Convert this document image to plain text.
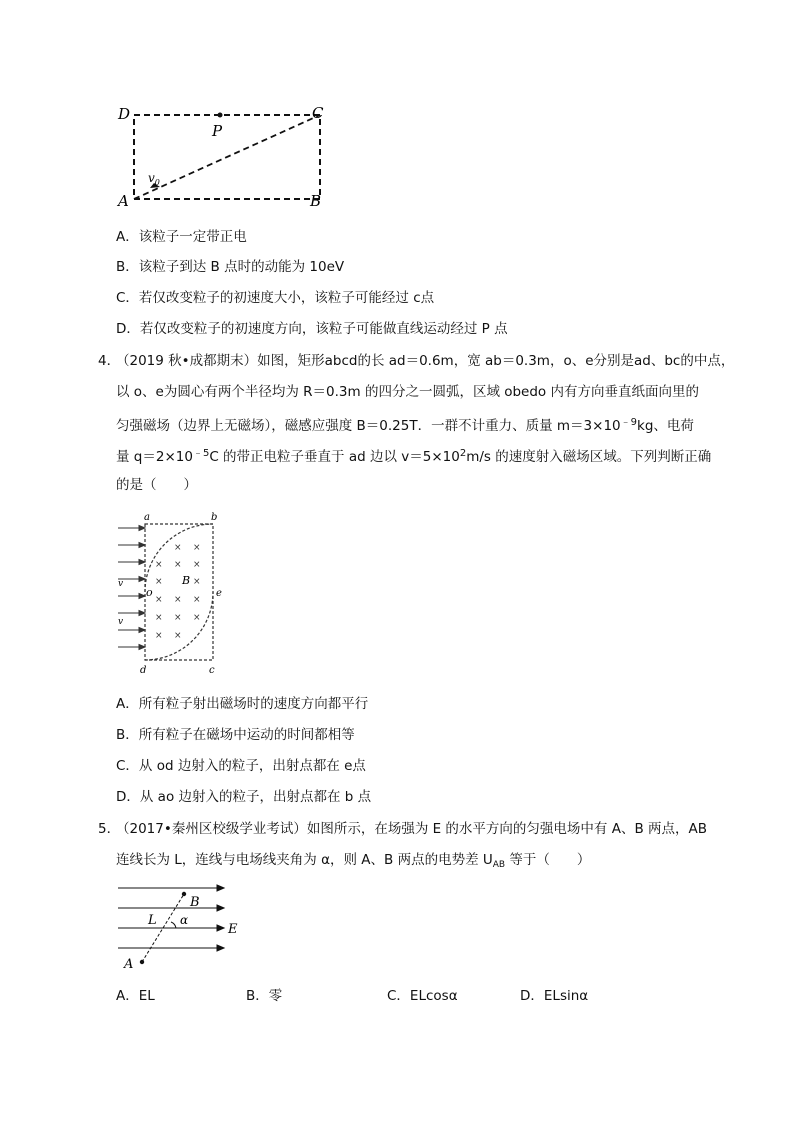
D	C
P
A	B
$v_0$
A．该粒子一定带正电
B．该粒子到达 B 点时的动能为 10eV
C．若仅改变粒子的初速度大小，该粒子可能经过 c点
D．若仅改变粒子的初速度方向，该粒子可能做直线运动经过 P 点
4．
（2019 秋•成都期末）如图，矩形abcd的长 ad＝0.6m，宽 ab＝0.3m，o、e分别是ad、bc的中点，
以 o、e为圆心有两个半径均为 R＝0.3m 的四分之一圆弧，区域 obedo 内有方向垂直纸面向里的
匀强磁场（边界上无磁场），磁感应强度 B＝0.25T．一群不计重力、质量 $m=3\times 10^{﹣9}kg$、电荷
量 $q=2\times 10^{﹣5}C$ 的带正电粒子垂直于 ad 边以 $v=5\times 10^2m/s$ 的速度射入磁场区域。下列判断正确
的是（　　）
× ×
× × ×
×	×
× × ×
× × ×
× ×
a	b
o	e
d	c
B
v
v
A．所有粒子射出磁场时的速度方向都平行
B．所有粒子在磁场中运动的时间都相等
C．从 od 边射入的粒子，出射点都在 e点
D．从 ao 边射入的粒子，出射点都在 b 点
5．
（2017•秦州区校级学业考试）如图所示，在场强为 E 的水平方向的匀强电场中有 A、B 两点，AB
连线长为 L，连线与电场线夹角为 α，则 A、B 两点的电势差 $U_{AB}$ 等于（　　）
B
L α
E
A
A．EL	B．零	C．ELcosα	D．ELsinα
